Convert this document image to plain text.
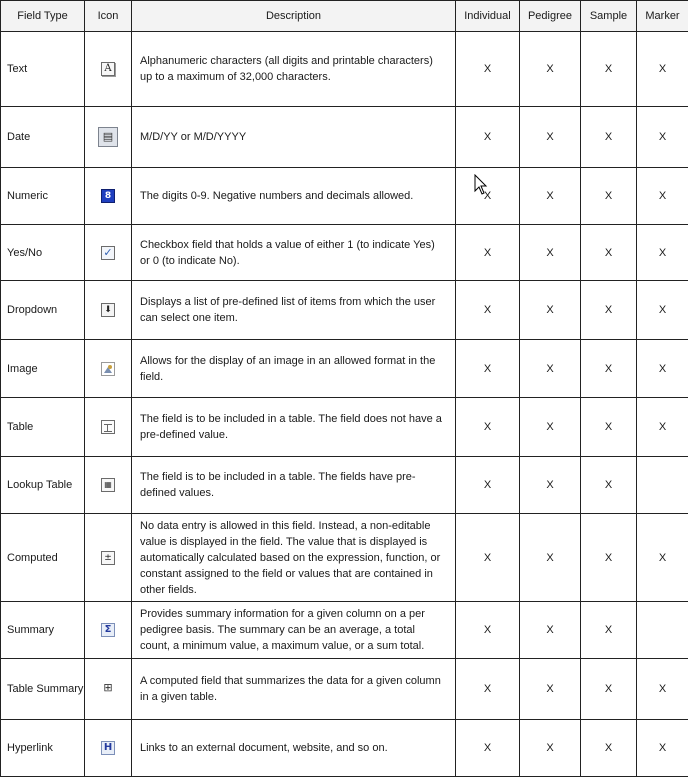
Field Type	Icon	Description	Individual	Pedigree	Sample	Marker
Text	A	Alphanumeric characters (all digits and printable characters) up to a maximum of 32,000 characters.	X	X	X	X
Date	▤	M/D/YY or M/D/YYYY	X	X	X	X
Numeric	8	The digits 0-9. Negative numbers and decimals allowed.	X	X	X	X
Yes/No	✓	Checkbox field that holds a value of either 1 (to indicate Yes) or 0 (to indicate No).	X	X	X	X
Dropdown	⬇	Displays a list of pre-defined list of items from which the user can select one item.	X	X	X	X
Image		Allows for the display of an image in an allowed format in the field.	X	X	X	X
Table		The field is to be included in a table. The field does not have a pre-defined value.	X	X	X	X
Lookup Table	▦	The field is to be included in a table. The fields have pre-defined values.	X	X	X	
Computed	±	No data entry is allowed in this field. Instead, a non-editable value is displayed in the field. The value that is displayed is automatically calculated based on the expression, function, or constant assigned to the field or values that are contained in other fields.	X	X	X	X
Summary	Σ	Provides summary information for a given column on a per pedigree basis. The summary can be an average, a total count, a minimum value, a maximum value, or a sum total.	X	X	X	
Table Summary	⊞	A computed field that summarizes the data for a given column in a given table.	X	X	X	X
Hyperlink	H	Links to an external document, website, and so on.	X	X	X	X
